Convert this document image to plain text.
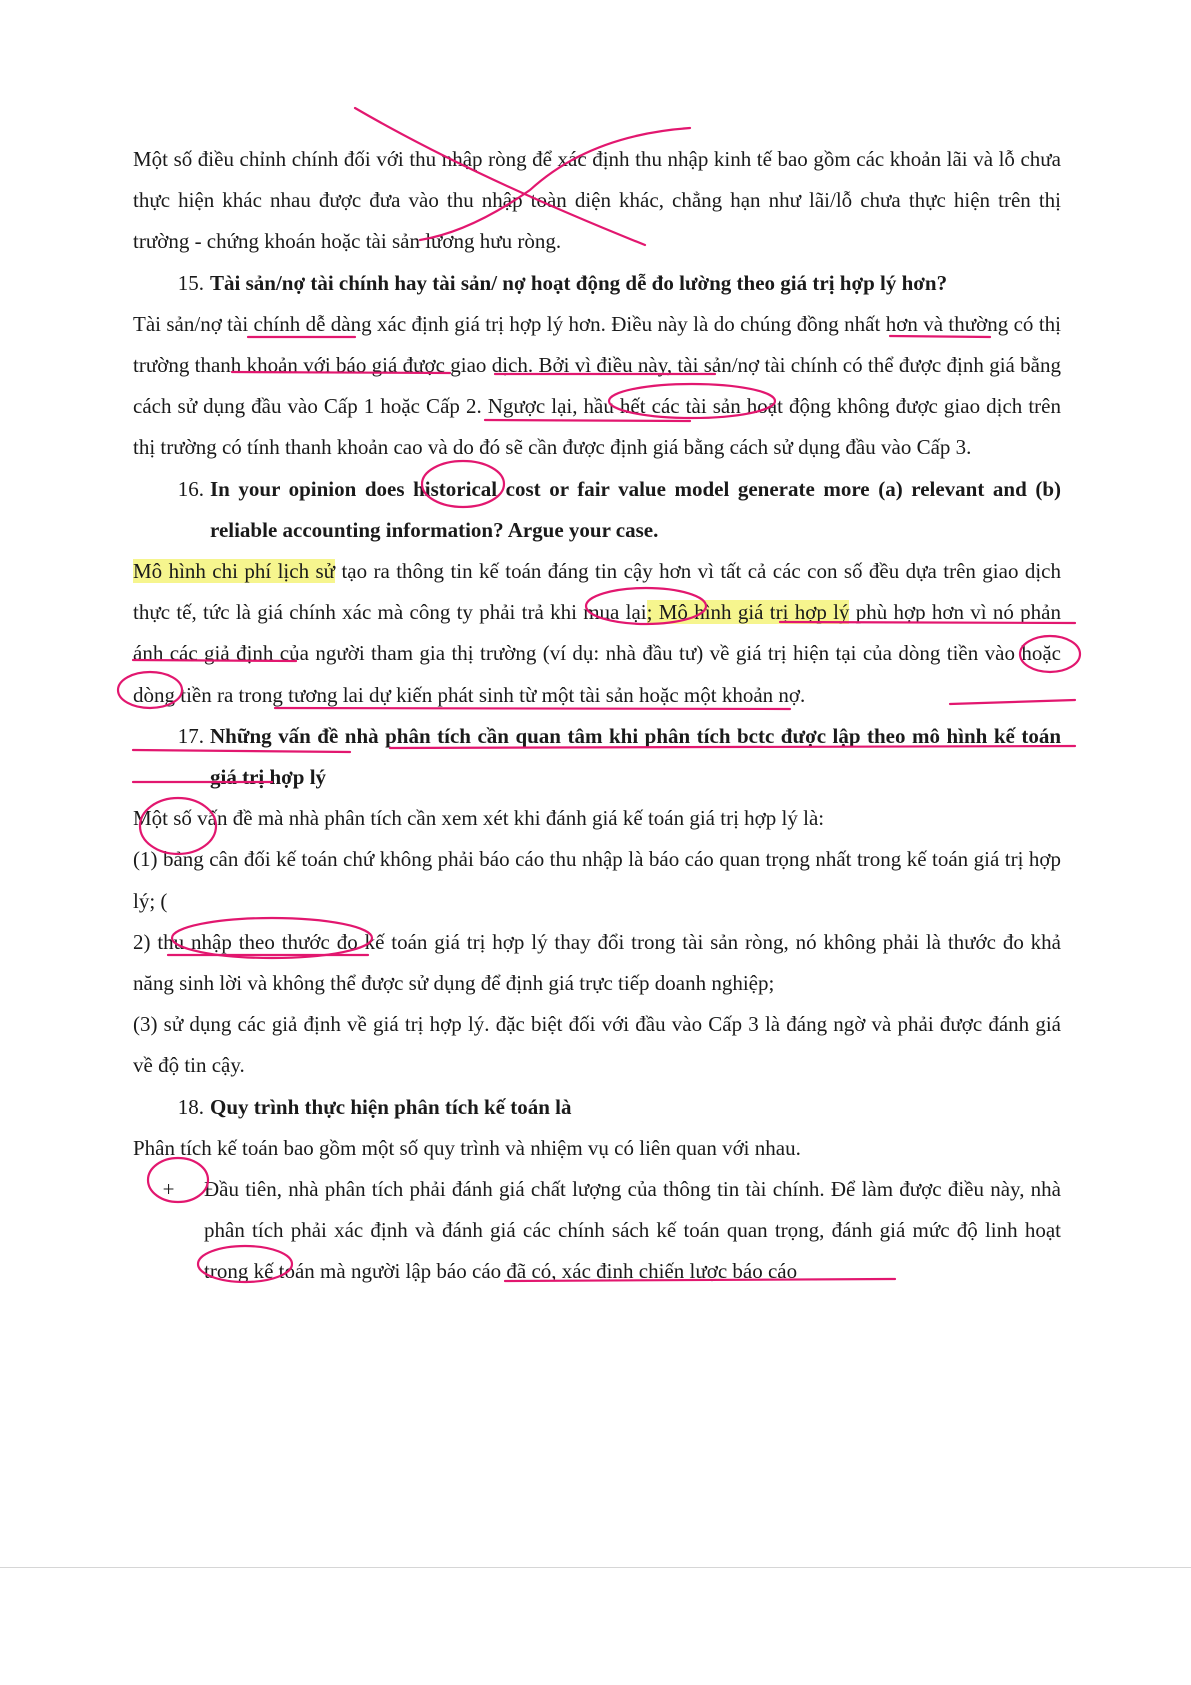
Một số điều chỉnh chính đối với thu nhập ròng để xác định thu nhập kinh tế bao gồm các khoản lãi và lỗ chưa thực hiện khác nhau được đưa vào thu nhập toàn diện khác, chẳng hạn như lãi/lỗ chưa thực hiện trên thị trường - chứng khoán hoặc tài sản lương hưu ròng.

15. Tài sản/nợ tài chính hay tài sản/ nợ hoạt động dễ đo lường theo giá trị hợp lý hơn?

Tài sản/nợ tài chính dễ dàng xác định giá trị hợp lý hơn. Điều này là do chúng đồng nhất hơn và thường có thị trường thanh khoản với báo giá được giao dịch. Bởi vì điều này, tài sản/nợ tài chính có thể được định giá bằng cách sử dụng đầu vào Cấp 1 hoặc Cấp 2. Ngược lại, hầu hết các tài sản hoạt động không được giao dịch trên thị trường có tính thanh khoản cao và do đó sẽ cần được định giá bằng cách sử dụng đầu vào Cấp 3.

16. In your opinion does historical cost or fair value model generate more (a) relevant and (b) reliable accounting information? Argue your case.

Mô hình chi phí lịch sử tạo ra thông tin kế toán đáng tin cậy hơn vì tất cả các con số đều dựa trên giao dịch thực tế, tức là giá chính xác mà công ty phải trả khi mua lại; Mô hình giá trị hợp lý phù hợp hơn vì nó phản ánh các giả định của người tham gia thị trường (ví dụ: nhà đầu tư) về giá trị hiện tại của dòng tiền vào hoặc dòng tiền ra trong tương lai dự kiến phát sinh từ một tài sản hoặc một khoản nợ.

17. Những vấn đề nhà phân tích cần quan tâm khi phân tích bctc được lập theo mô hình kế toán giá trị hợp lý

Một số vấn đề mà nhà phân tích cần xem xét khi đánh giá kế toán giá trị hợp lý là:

(1) bảng cân đối kế toán chứ không phải báo cáo thu nhập là báo cáo quan trọng nhất trong kế toán giá trị hợp lý; (

2) thu nhập theo thước đo kế toán giá trị hợp lý thay đổi trong tài sản ròng, nó không phải là thước đo khả năng sinh lời và không thể được sử dụng để định giá trực tiếp doanh nghiệp;

(3) sử dụng các giả định về giá trị hợp lý. đặc biệt đối với đầu vào Cấp 3 là đáng ngờ và phải được đánh giá về độ tin cậy.

18. Quy trình thực hiện phân tích kế toán là

Phân tích kế toán bao gồm một số quy trình và nhiệm vụ có liên quan với nhau.

+	Đầu tiên, nhà phân tích phải đánh giá chất lượng của thông tin tài chính. Để làm được điều này, nhà phân tích phải xác định và đánh giá các chính sách kế toán quan trọng, đánh giá mức độ linh hoạt trong kế toán mà người lập báo cáo đã có, xác định chiến lược báo cáo
